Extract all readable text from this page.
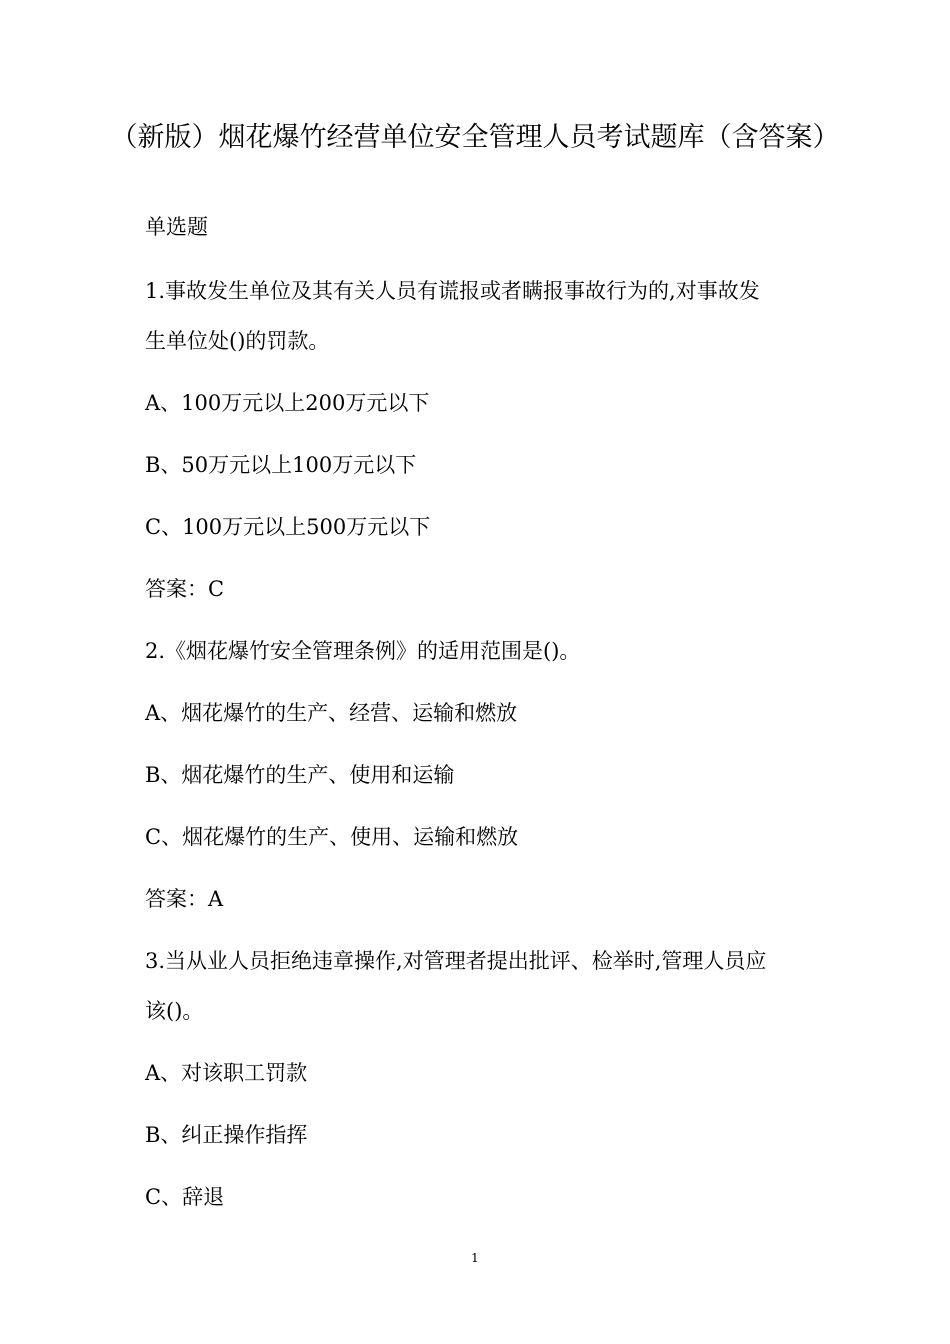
（新版）烟花爆竹经营单位安全管理人员考试题库（含答案）
单选题
1.事故发生单位及其有关人员有谎报或者瞒报事故行为的,对事故发
生单位处()的罚款。
A、100万元以上200万元以下
B、50万元以上100万元以下
C、100万元以上500万元以下
答案：C
2.《烟花爆竹安全管理条例》的适用范围是()。
A、烟花爆竹的生产、经营、运输和燃放
B、烟花爆竹的生产、使用和运输
C、烟花爆竹的生产、使用、运输和燃放
答案：A
3.当从业人员拒绝违章操作,对管理者提出批评、检举时,管理人员应
该()。
A、对该职工罚款
B、纠正操作指挥
C、辞退
1
